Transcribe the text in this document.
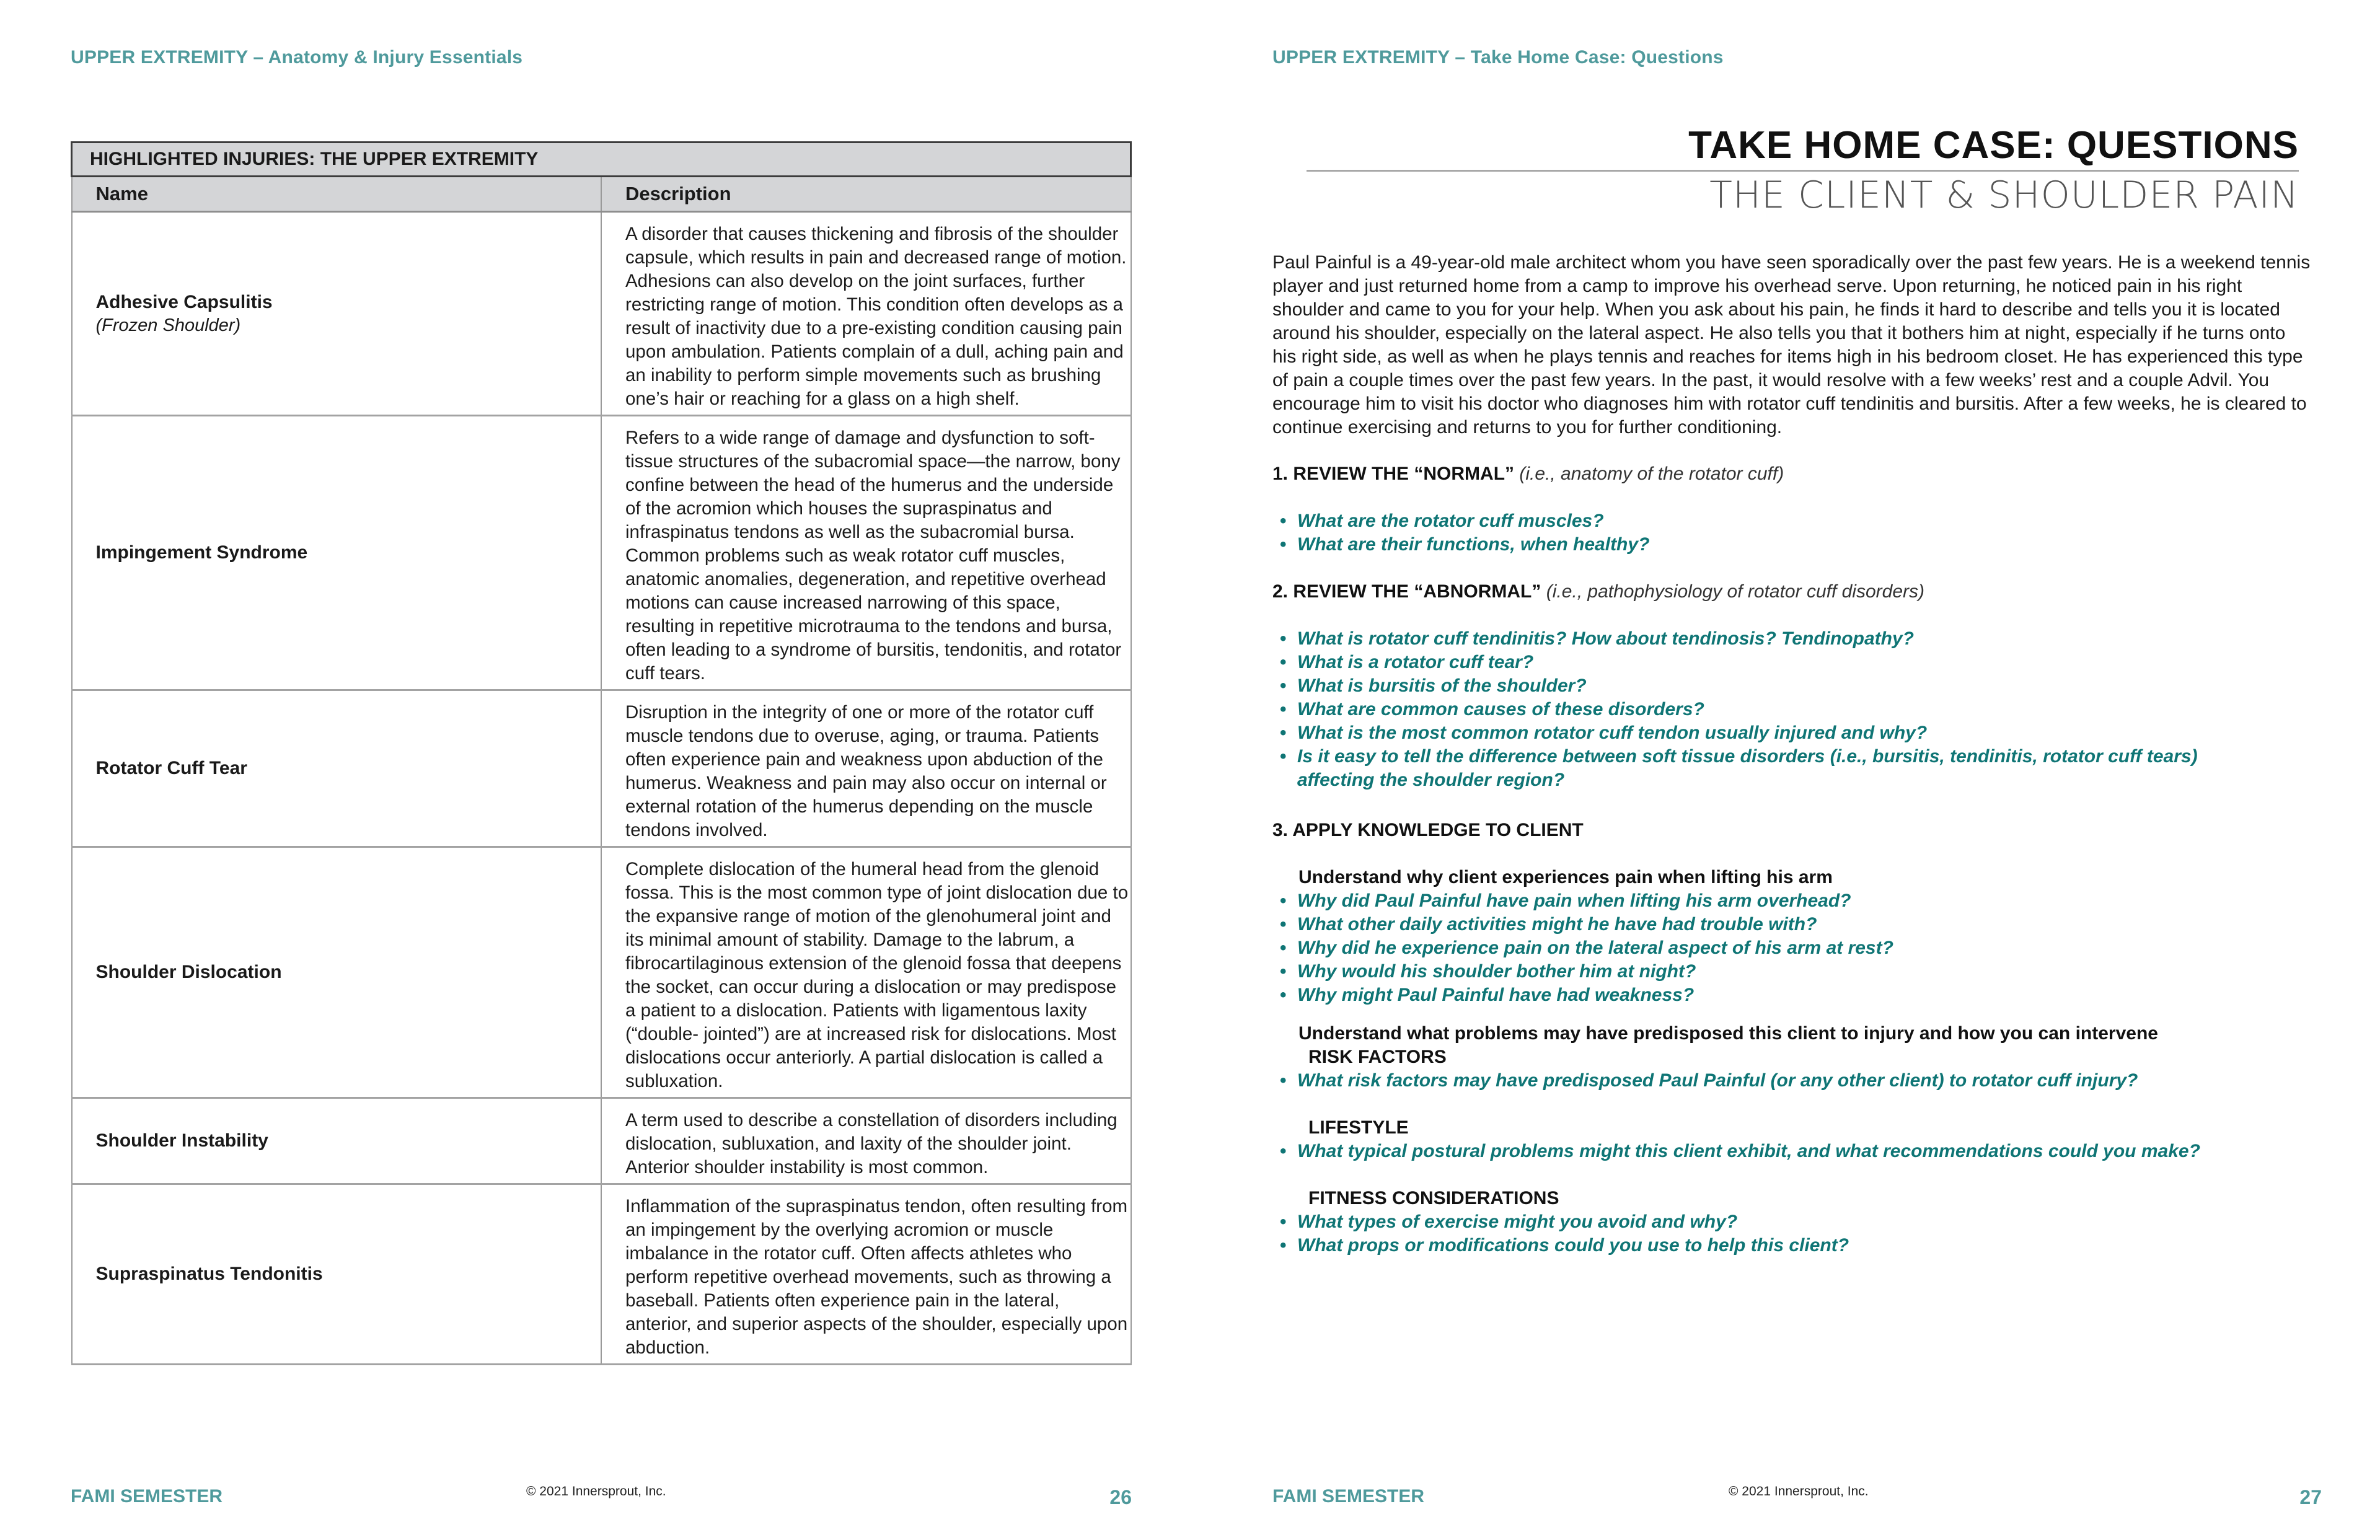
UPPER EXTREMITY – Anatomy & Injury Essentials
HIGHLIGHTED INJURIES: THE UPPER EXTREMITY	
Name	Description
Adhesive Capsulitis
(Frozen Shoulder)	A disorder that causes thickening and fibrosis of the shoulder capsule, which results in pain and decreased range of motion. Adhesions can also develop on the joint surfaces, further restricting range of motion. This condition often develops as a result of inactivity due to a pre-existing condition causing pain upon ambulation. Patients complain of a dull, aching pain and an inability to perform simple movements such as brushing one’s hair or reaching for a glass on a high shelf.
Impingement Syndrome	Refers to a wide range of damage and dysfunction to soft-tissue structures of the subacromial space—the narrow, bony confine between the head of the humerus and the underside of the acromion which houses the supraspinatus and infraspinatus tendons as well as the subacromial bursa. Common problems such as weak rotator cuff muscles, anatomic anomalies, degeneration, and repetitive overhead motions can cause increased narrowing of this space, resulting in repetitive microtrauma to the tendons and bursa, often leading to a syndrome of bursitis, tendonitis, and rotator cuff tears.
Rotator Cuff Tear	Disruption in the integrity of one or more of the rotator cuff muscle tendons due to overuse, aging, or trauma. Patients often experience pain and weakness upon abduction of the humerus. Weakness and pain may also occur on internal or external rotation of the humerus depending on the muscle tendons involved.
Shoulder Dislocation	Complete dislocation of the humeral head from the glenoid fossa. This is the most common type of joint dislocation due to the expansive range of motion of the glenohumeral joint and its minimal amount of stability. Damage to the labrum, a fibrocartilaginous extension of the glenoid fossa that deepens the socket, can occur during a dislocation or may predispose a patient to a dislocation. Patients with ligamentous laxity (“double- jointed”) are at increased risk for dislocations. Most dislocations occur anteriorly. A partial dislocation is called a subluxation.
Shoulder Instability	A term used to describe a constellation of disorders including dislocation, subluxation, and laxity of the shoulder joint. Anterior shoulder instability is most common.
Supraspinatus Tendonitis	Inflammation of the supraspinatus tendon, often resulting from an impingement by the overlying acromion or muscle imbalance in the rotator cuff. Often affects athletes who perform repetitive overhead movements, such as throwing a baseball. Patients often experience pain in the lateral, anterior, and superior aspects of the shoulder, especially upon abduction.
FAMI SEMESTER	© 2021 Innersprout, Inc.	26
UPPER EXTREMITY – Take Home Case: Questions
TAKE HOME CASE: QUESTIONS
THE CLIENT & SHOULDER PAIN

Paul Painful is a 49-year-old male architect whom you have seen sporadically over the past few years. He is a weekend tennis player and just returned home from a camp to improve his overhead serve. Upon returning, he noticed pain in his right shoulder and came to you for your help. When you ask about his pain, he finds it hard to describe and tells you it is located around his shoulder, especially on the lateral aspect. He also tells you that it bothers him at night, especially if he turns onto his right side, as well as when he plays tennis and reaches for items high in his bedroom closet. He has experienced this type of pain a couple times over the past few years. In the past, it would resolve with a few weeks’ rest and a couple Advil. You encourage him to visit his doctor who diagnoses him with rotator cuff tendinitis and bursitis. After a few weeks, he is cleared to continue exercising and returns to you for further conditioning.

1. REVIEW THE “NORMAL” (i.e., anatomy of the rotator cuff)
• What are the rotator cuff muscles?
• What are their functions, when healthy?
2. REVIEW THE “ABNORMAL” (i.e., pathophysiology of rotator cuff disorders)
• What is rotator cuff tendinitis? How about tendinosis? Tendinopathy?
• What is a rotator cuff tear?
• What is bursitis of the shoulder?
• What are common causes of these disorders?
• What is the most common rotator cuff tendon usually injured and why?
• Is it easy to tell the difference between soft tissue disorders (i.e., bursitis, tendinitis, rotator cuff tears) affecting the shoulder region?
3. APPLY KNOWLEDGE TO CLIENT
Understand why client experiences pain when lifting his arm
• Why did Paul Painful have pain when lifting his arm overhead?
• What other daily activities might he have had trouble with?
• Why did he experience pain on the lateral aspect of his arm at rest?
• Why would his shoulder bother him at night?
• Why might Paul Painful have had weakness?
Understand what problems may have predisposed this client to injury and how you can intervene
RISK FACTORS
• What risk factors may have predisposed Paul Painful (or any other client) to rotator cuff injury?
LIFESTYLE
• What typical postural problems might this client exhibit, and what recommendations could you make?
FITNESS CONSIDERATIONS
• What types of exercise might you avoid and why?
• What props or modifications could you use to help this client?
FAMI SEMESTER	© 2021 Innersprout, Inc.	27
